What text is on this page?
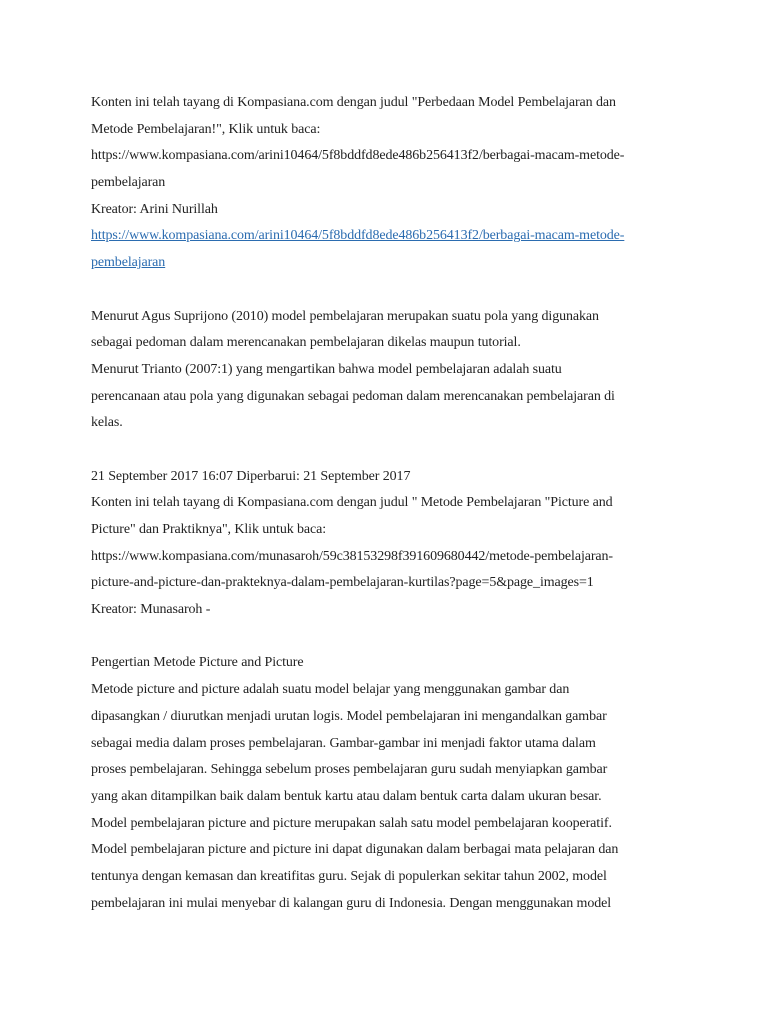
Konten ini telah tayang di Kompasiana.com dengan judul "Perbedaan Model Pembelajaran dan
Metode Pembelajaran!", Klik untuk baca:
https://www.kompasiana.com/arini10464/5f8bddfd8ede486b256413f2/berbagai-macam-metode-
pembelajaran
Kreator: Arini Nurillah
https://www.kompasiana.com/arini10464/5f8bddfd8ede486b256413f2/berbagai-macam-metode-
pembelajaran
Menurut Agus Suprijono (2010) model pembelajaran merupakan suatu pola yang digunakan
sebagai pedoman dalam merencanakan pembelajaran dikelas maupun tutorial.
Menurut Trianto (2007:1) yang mengartikan bahwa model pembelajaran adalah suatu
perencanaan atau pola yang digunakan sebagai pedoman dalam merencanakan pembelajaran di
kelas.
21 September 2017 16:07 Diperbarui: 21 September 2017
Konten ini telah tayang di Kompasiana.com dengan judul " Metode Pembelajaran "Picture and
Picture" dan Praktiknya", Klik untuk baca:
https://www.kompasiana.com/munasaroh/59c38153298f391609680442/metode-pembelajaran-
picture-and-picture-dan-prakteknya-dalam-pembelajaran-kurtilas?page=5&page_images=1
Kreator: Munasaroh -
Pengertian Metode Picture and Picture
Metode picture and picture adalah suatu model belajar yang menggunakan gambar dan
dipasangkan / diurutkan menjadi urutan logis. Model pembelajaran ini mengandalkan gambar
sebagai media dalam proses pembelajaran. Gambar-gambar ini menjadi faktor utama dalam
proses pembelajaran. Sehingga sebelum proses pembelajaran guru sudah menyiapkan gambar
yang akan ditampilkan baik dalam bentuk kartu atau dalam bentuk carta dalam ukuran besar.
Model pembelajaran picture and picture merupakan salah satu model pembelajaran kooperatif.
Model pembelajaran picture and picture ini dapat digunakan dalam berbagai mata pelajaran dan
tentunya dengan kemasan dan kreatifitas guru. Sejak di populerkan sekitar tahun 2002, model
pembelajaran ini mulai menyebar di kalangan guru di Indonesia. Dengan menggunakan model
